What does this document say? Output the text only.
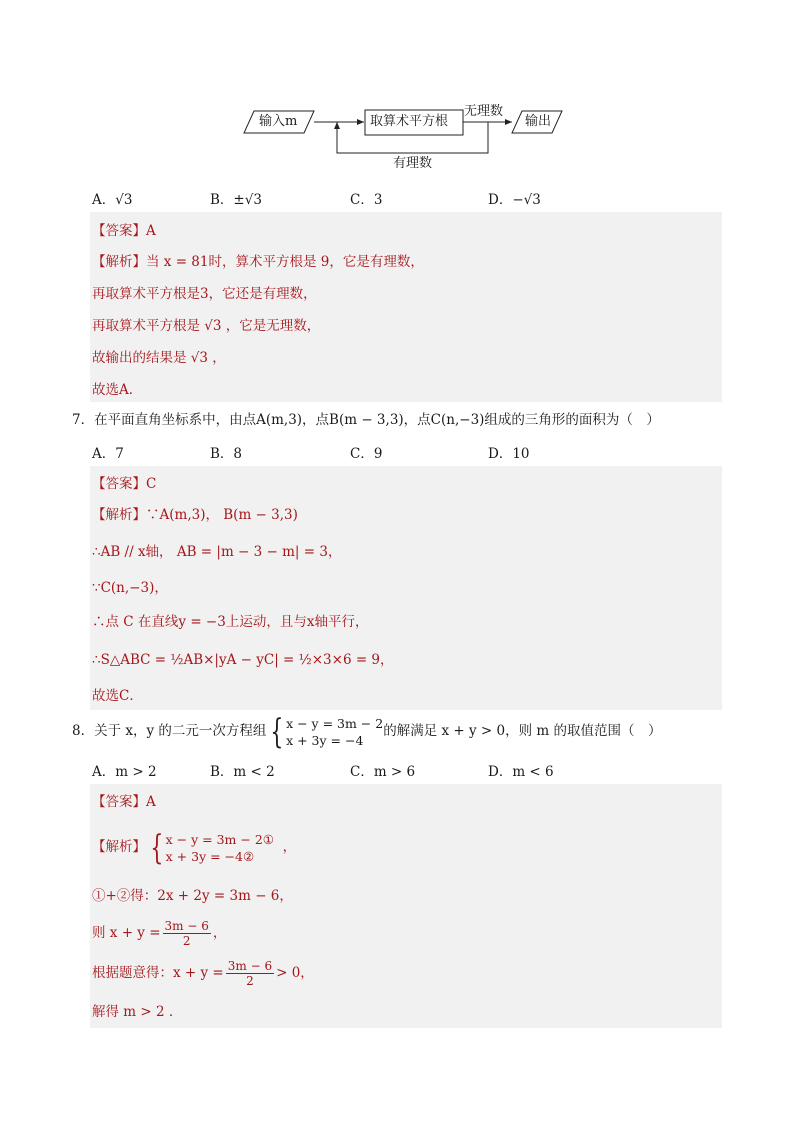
输入m	取算术平方根
无理数
输出
有理数
A．√3	B．±√3	C．3	D．−√3
【答案】A
【解析】当 x = 81时，算术平方根是 9，它是有理数，
再取算术平方根是3，它还是有理数，
再取算术平方根是 √3 ，它是无理数，
故输出的结果是 √3 ，
故选A．
7．在平面直角坐标系中，由点A(m,3)，点B(m − 3,3)，点C(n,−3)组成的三角形的面积为（　）
A．7	B．8	C．9	D．10
【答案】C
【解析】∵A(m,3)， B(m − 3,3)
∴AB // x轴， AB = |m − 3 − m| = 3，
∵C(n,−3)，
∴点 C 在直线y = −3上运动，且与x轴平行，
∴S△ABC = ½AB×|yA − yC| = ½×3×6 = 9，
故选C．
8．关于 x，y 的二元一次方程组 { x − y = 3m − 2
x + 3y = −4
的解满足 x + y > 0，则 m 的取值范围（　）
A．m > 2	B．m < 2	C．m > 6	D．m < 6
【答案】A
【解析】 { x − y = 3m − 2①
x + 3y = −4②
，
①+②得：2x + 2y = 3m − 6，
则 $x + y = \frac{3m - 6}{2}$ ，
根据题意得：$x + y = \frac{3m - 6}{2} > 0$，
解得 m > 2 ．
